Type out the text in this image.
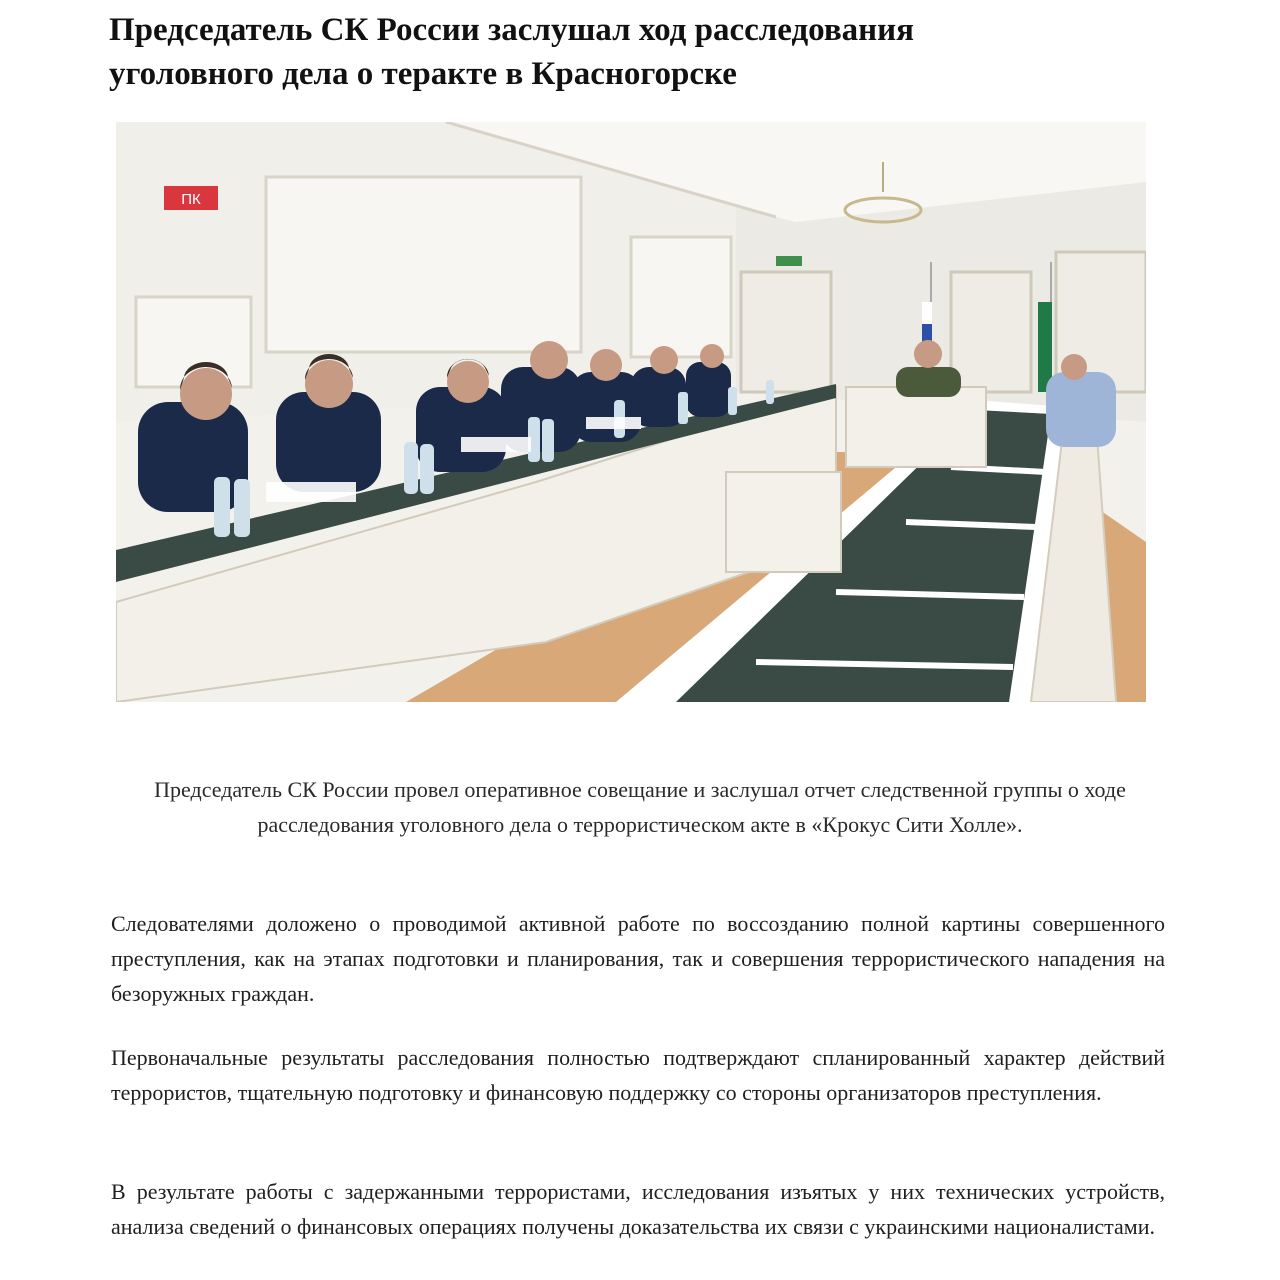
Председатель СК России заслушал ход расследования
уголовного дела о теракте в Красногорске
ПК

Председатель СК России провел оперативное совещание и заслушал отчет следственной группы о ходе расследования уголовного дела о террористическом акте в «Крокус Сити Холле».

Следователями доложено о проводимой активной работе по воссозданию полной картины совершенного преступления, как на этапах подготовки и планирования, так и совершения террористического нападения на безоружных граждан.

Первоначальные результаты расследования полностью подтверждают спланированный характер действий террористов, тщательную подготовку и финансовую поддержку со стороны организаторов преступления.

В результате работы с задержанными террористами, исследования изъятых у них технических устройств, анализа сведений о финансовых операциях получены доказательства их связи с украинскими националистами.
